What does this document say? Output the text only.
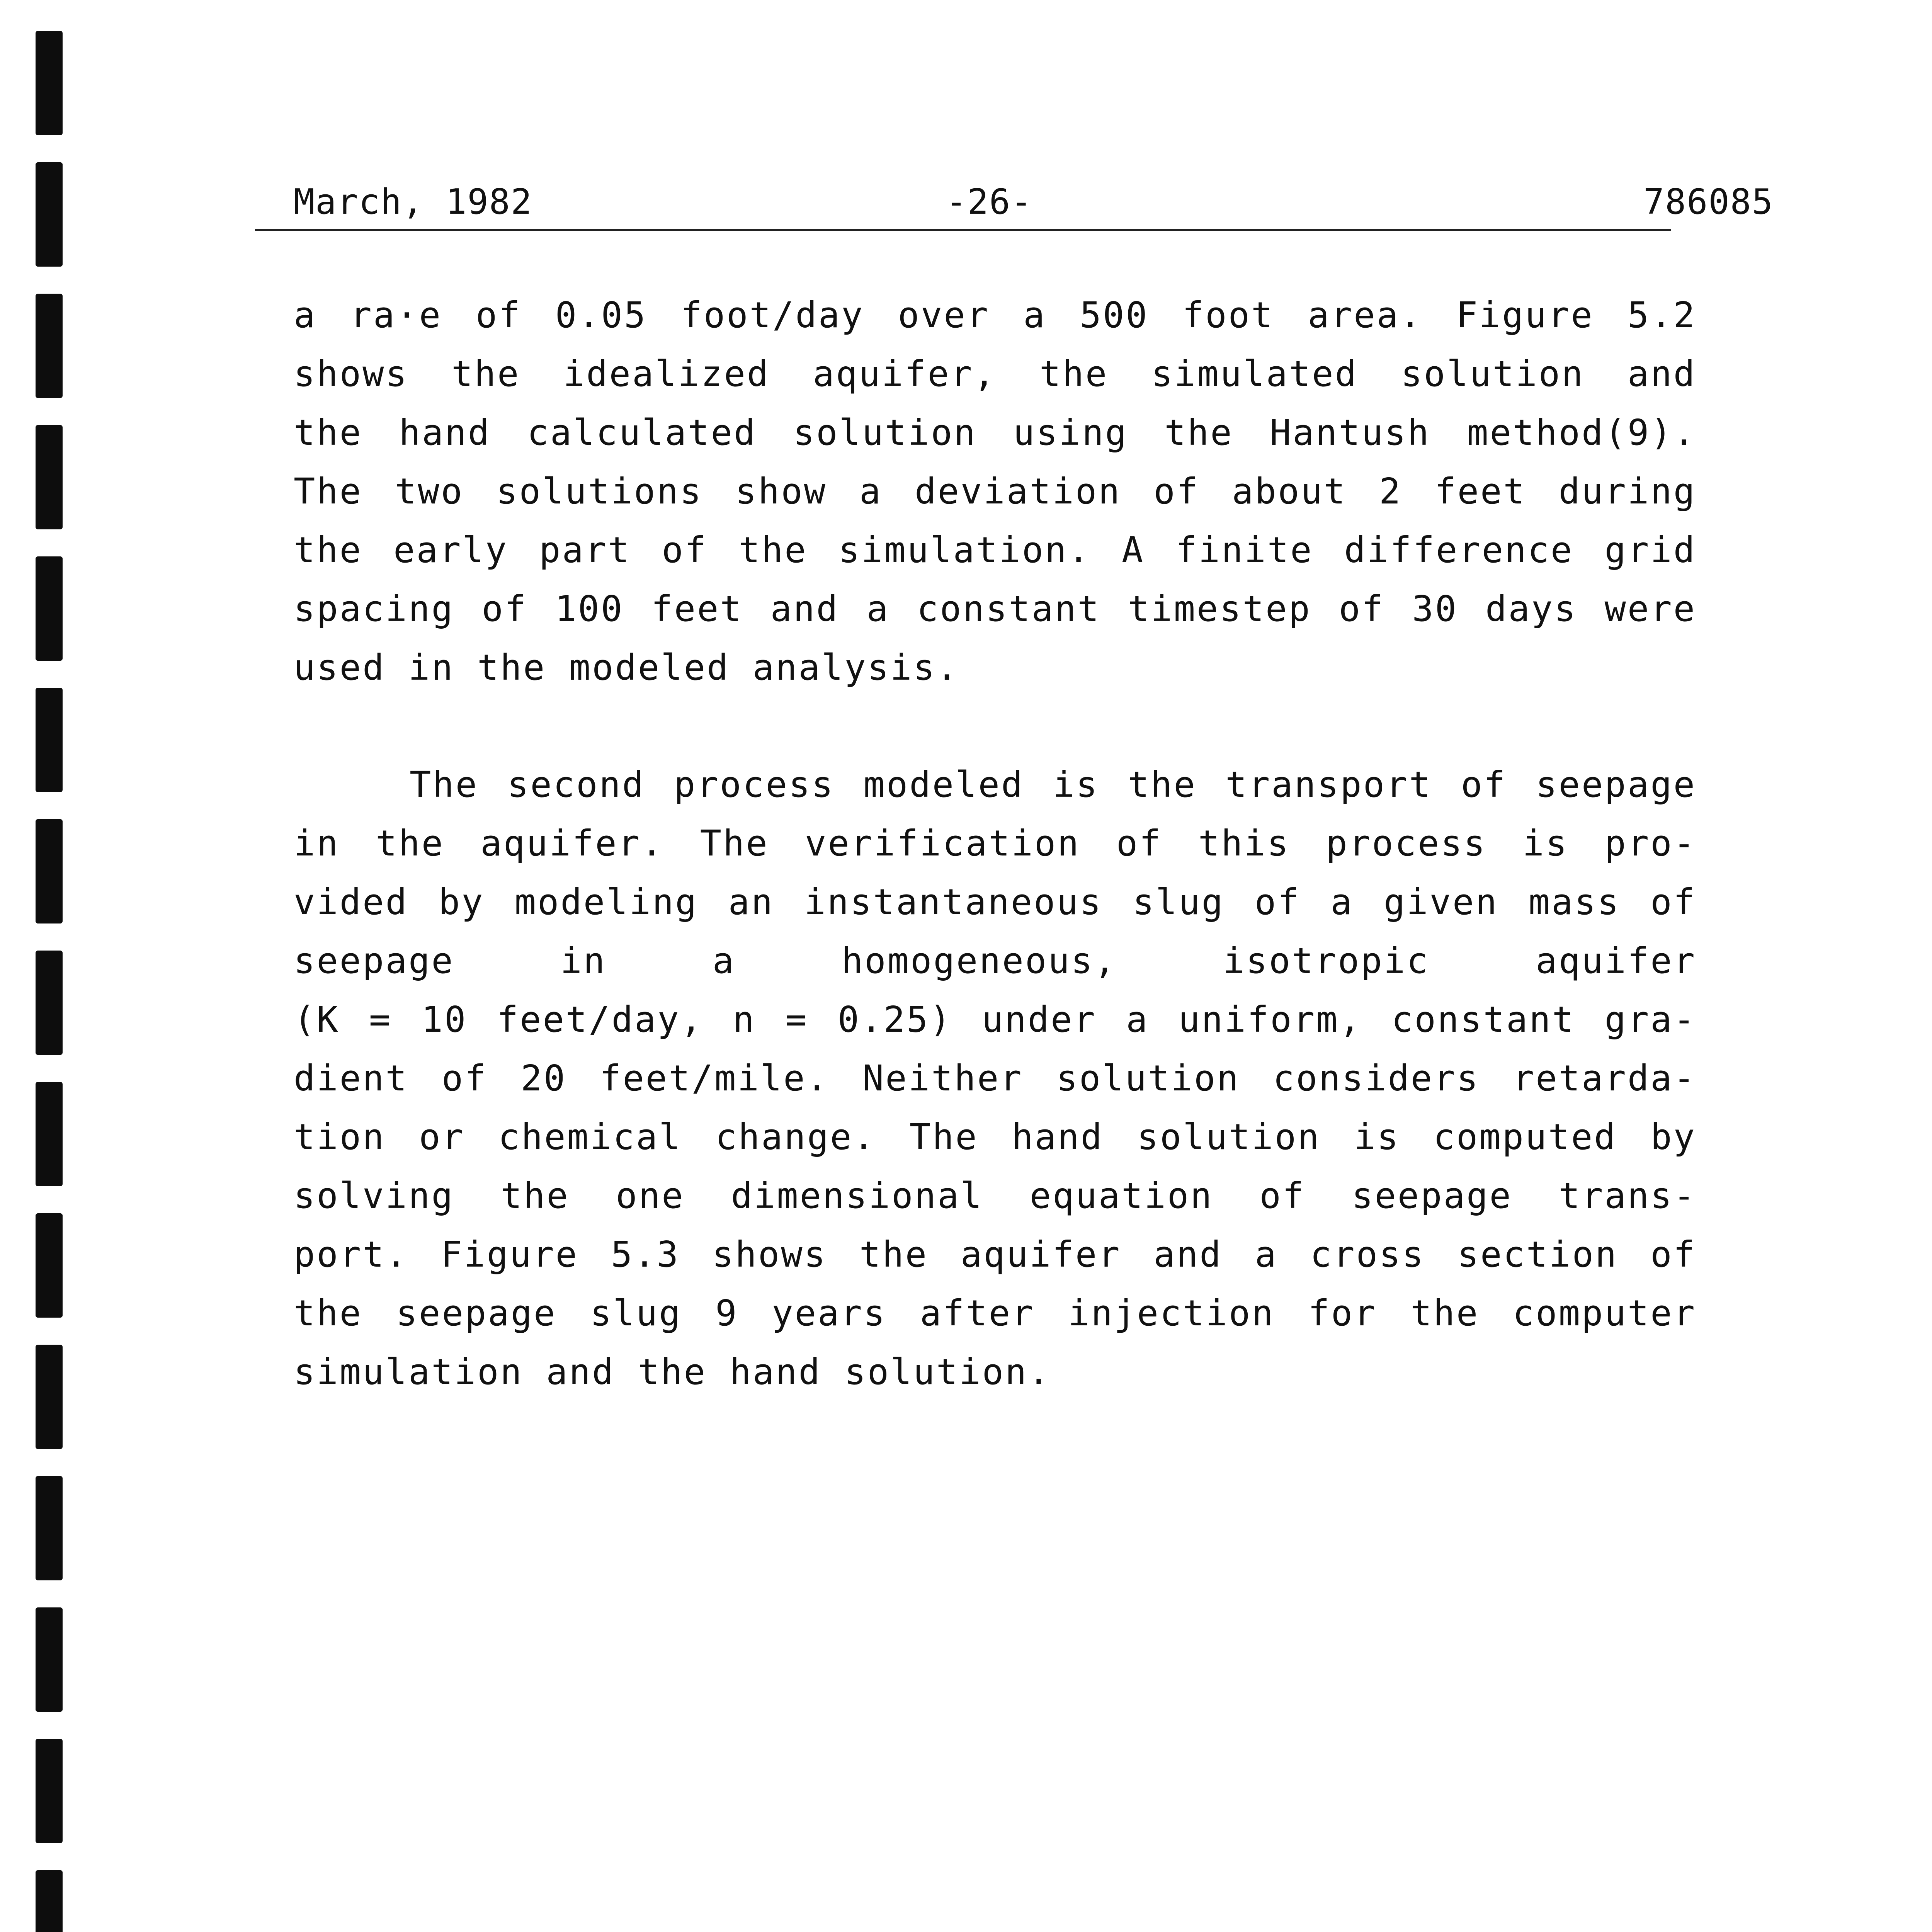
March, 1982	-26-	786085
a ra·e of 0.05 foot/day over a 500 foot area. Figure 5.2
shows the idealized aquifer, the simulated solution and
the hand calculated solution using the Hantush method(9).
The two solutions show a deviation of about 2 feet during
the early part of the simulation. A finite difference grid
spacing of 100 feet and a constant timestep of 30 days were
used in the modeled analysis.
The second process modeled is the transport of seepage
in the aquifer. The verification of this process is pro-
vided by modeling an instantaneous slug of a given mass of
seepage in a homogeneous, isotropic aquifer
(K = 10 feet/day, n = 0.25) under a uniform, constant gra-
dient of 20 feet/mile. Neither solution considers retarda-
tion or chemical change. The hand solution is computed by
solving the one dimensional equation of seepage trans-
port. Figure 5.3 shows the aquifer and a cross section of
the seepage slug 9 years after injection for the computer
simulation and the hand solution.
